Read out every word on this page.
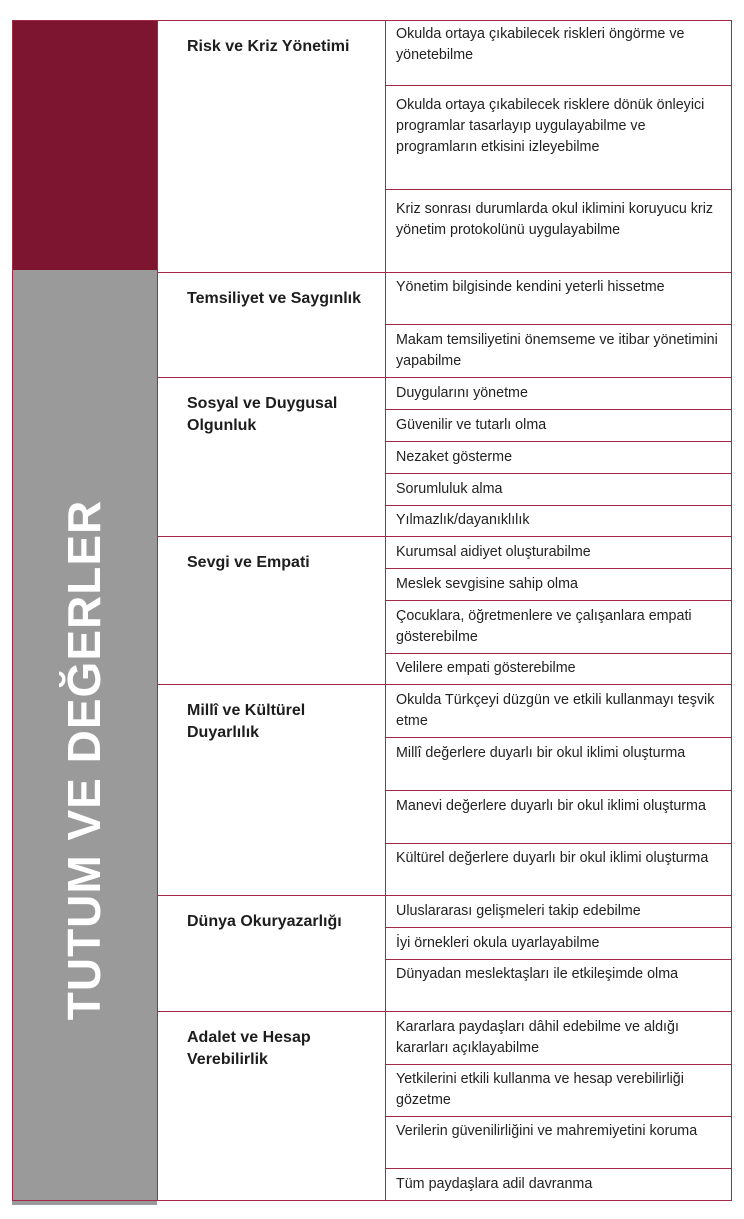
TUTUM VE DEĞERLER
Risk ve Kriz Yönetimi
Okulda ortaya çıkabilecek riskleri öngörme ve yönetebilme
Okulda ortaya çıkabilecek risklere dönük önleyici programlar tasarlayıp uygulayabilme ve programların etkisini izleyebilme
Kriz sonrası durumlarda okul iklimini koruyucu kriz yönetim protokolünü uygulayabilme
Temsiliyet ve Saygınlık
Yönetim bilgisinde kendini yeterli hissetme
Makam temsiliyetini önemseme ve itibar yönetimini yapabilme
Sosyal ve Duygusal Olgunluk
Duygularını yönetme
Güvenilir ve tutarlı olma
Nezaket gösterme
Sorumluluk alma
Yılmazlık/dayanıklılık
Sevgi ve Empati
Kurumsal aidiyet oluşturabilme
Meslek sevgisine sahip olma
Çocuklara, öğretmenlere ve çalışanlara empati gösterebilme
Velilere empati gösterebilme
Millî ve Kültürel Duyarlılık
Okulda Türkçeyi düzgün ve etkili kullanmayı teşvik etme
Millî değerlere duyarlı bir okul iklimi oluşturma
Manevi değerlere duyarlı bir okul iklimi oluşturma
Kültürel değerlere duyarlı bir okul iklimi oluşturma
Dünya Okuryazarlığı
Uluslararası gelişmeleri takip edebilme
İyi örnekleri okula uyarlayabilme
Dünyadan meslektaşları ile etkileşimde olma
Adalet ve Hesap Verebilirlik
Kararlara paydaşları dâhil edebilme ve aldığı kararları açıklayabilme
Yetkilerini etkili kullanma ve hesap verebilirliği gözetme
Verilerin güvenilirliğini ve mahremiyetini koruma
Tüm paydaşlara adil davranma
